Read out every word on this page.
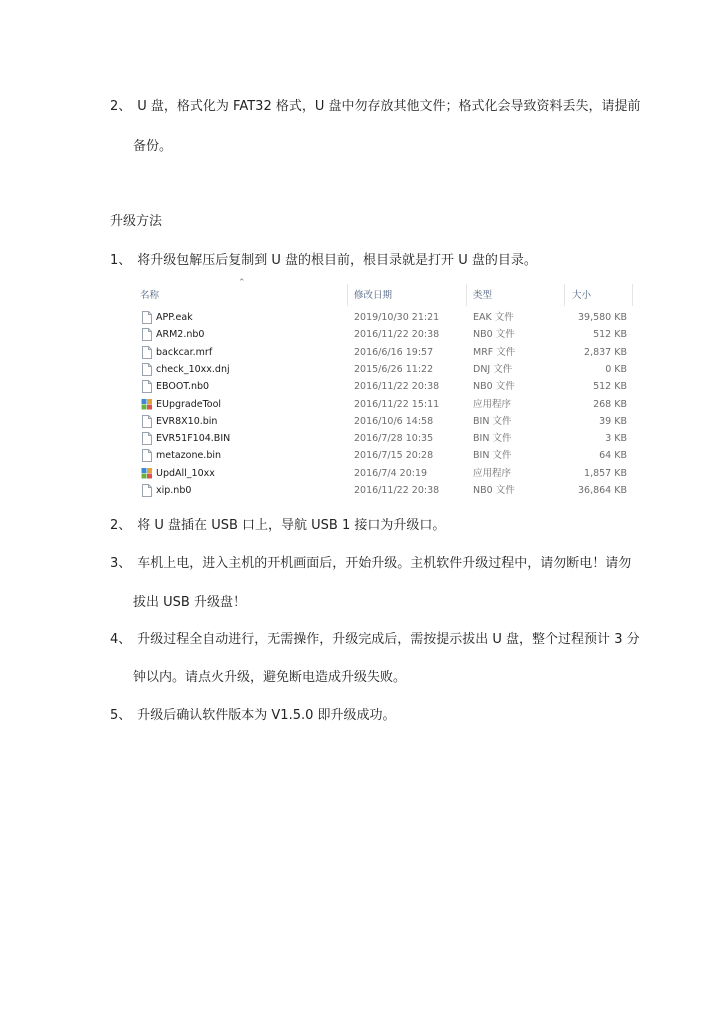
2、 U 盘，格式化为 FAT32 格式，U 盘中勿存放其他文件；格式化会导致资料丢失，请提前
备份。
升级方法
1、 将升级包解压后复制到 U 盘的根目前，根目录就是打开 U 盘的目录。
⌃
名称	修改日期	类型	大小
APP.eak	2019/10/30 21:21	EAK 文件	39,580 KB
ARM2.nb0	2016/11/22 20:38	NB0 文件	512 KB
backcar.mrf	2016/6/16 19:57	MRF 文件	2,837 KB
check_10xx.dnj	2015/6/26 11:22	DNJ 文件	0 KB
EBOOT.nb0	2016/11/22 20:38	NB0 文件	512 KB
EUpgradeTool	2016/11/22 15:11	应用程序	268 KB
EVR8X10.bin	2016/10/6 14:58	BIN 文件	39 KB
EVR51F104.BIN	2016/7/28 10:35	BIN 文件	3 KB
metazone.bin	2016/7/15 20:28	BIN 文件	64 KB
UpdAll_10xx	2016/7/4 20:19	应用程序	1,857 KB
xip.nb0	2016/11/22 20:38	NB0 文件	36,864 KB
2、 将 U 盘插在 USB 口上，导航 USB 1 接口为升级口。
3、 车机上电，进入主机的开机画面后，开始升级。主机软件升级过程中，请勿断电！请勿
拔出 USB 升级盘！
4、 升级过程全自动进行，无需操作，升级完成后，需按提示拔出 U 盘，整个过程预计 3 分
钟以内。请点火升级，避免断电造成升级失败。
5、 升级后确认软件版本为 V1.5.0 即升级成功。
